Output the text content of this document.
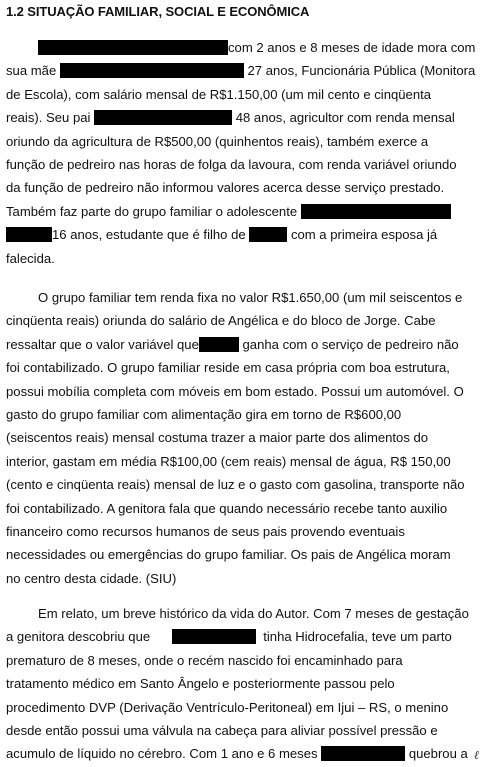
1.2 SITUAÇÃO FAMILIAR, SOCIAL E ECONÔMICA
com 2 anos e 8 meses de idade mora com
sua mãe	27 anos, Funcionária Pública (Monitora
de Escola), com salário mensal de R$1.150,00 (um mil cento e cinqüenta
reais). Seu pai	48 anos, agricultor com renda mensal
oriundo da agricultura de R$500,00 (quinhentos reais), também exerce a
função de pedreiro nas horas de folga da lavoura, com renda variável oriundo
da função de pedreiro não informou valores acerca desse serviço prestado.
Também faz parte do grupo familiar o adolescente
16 anos, estudante que é filho de	com a primeira esposa já
falecida.
O grupo familiar tem renda fixa no valor R$1.650,00 (um mil seiscentos e
cinqüenta reais) oriunda do salário de Angélica e do bloco de Jorge. Cabe
ressaltar que o valor variável que	ganha com o serviço de pedreiro não
foi contabilizado. O grupo familiar reside em casa própria com boa estrutura,
possui mobília completa com móveis em bom estado. Possui um automóvel. O
gasto do grupo familiar com alimentação gira em torno de R$600,00
(seiscentos reais) mensal costuma trazer a maior parte dos alimentos do
interior, gastam em média R$100,00 (cem reais) mensal de água, R$ 150,00
(cento e cinqüenta reais) mensal de luz e o gasto com gasolina, transporte não
foi contabilizado. A genitora fala que quando necessário recebe tanto auxilio
financeiro como recursos humanos de seus pais provendo eventuais
necessidades ou emergências do grupo familiar. Os pais de Angélica moram
no centro desta cidade. (SIU)
Em relato, um breve histórico da vida do Autor. Com 7 meses de gestação
a genitora descobriu que	tinha Hidrocefalia, teve um parto
prematuro de 8 meses, onde o recém nascido foi encaminhado para
tratamento médico em Santo Ângelo e posteriormente passou pelo
procedimento DVP (Derivação Ventrículo-Peritoneal) em Ijui – RS, o menino
desde então possui uma válvula na cabeça para aliviar possível pressão e
acumulo de líquido no cérebro. Com 1 ano e 6 meses	quebrou a ℓ
